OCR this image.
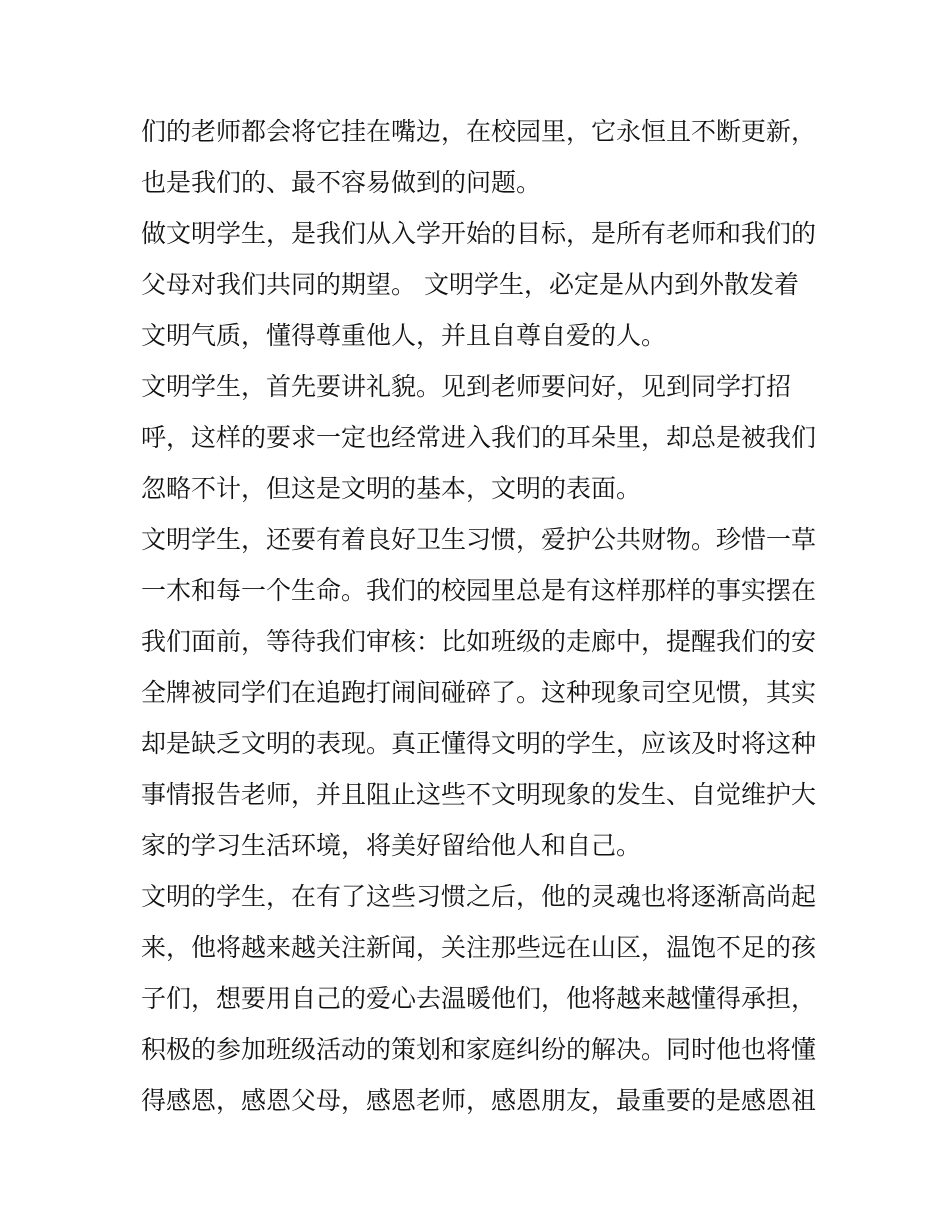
们的老师都会将它挂在嘴边，在校园里，它永恒且不断更新，
也是我们的、最不容易做到的问题。
做文明学生，是我们从入学开始的目标，是所有老师和我们的
父母对我们共同的期望。 文明学生，必定是从内到外散发着
文明气质，懂得尊重他人，并且自尊自爱的人。
文明学生，首先要讲礼貌。见到老师要问好，见到同学打招
呼，这样的要求一定也经常进入我们的耳朵里，却总是被我们
忽略不计，但这是文明的基本，文明的表面。
文明学生，还要有着良好卫生习惯，爱护公共财物。珍惜一草
一木和每一个生命。我们的校园里总是有这样那样的事实摆在
我们面前，等待我们审核：比如班级的走廊中，提醒我们的安
全牌被同学们在追跑打闹间碰碎了。这种现象司空见惯，其实
却是缺乏文明的表现。真正懂得文明的学生，应该及时将这种
事情报告老师，并且阻止这些不文明现象的发生、自觉维护大
家的学习生活环境，将美好留给他人和自己。
文明的学生，在有了这些习惯之后，他的灵魂也将逐渐高尚起
来，他将越来越关注新闻，关注那些远在山区，温饱不足的孩
子们，想要用自己的爱心去温暖他们，他将越来越懂得承担，
积极的参加班级活动的策划和家庭纠纷的解决。同时他也将懂
得感恩，感恩父母，感恩老师，感恩朋友，最重要的是感恩祖
